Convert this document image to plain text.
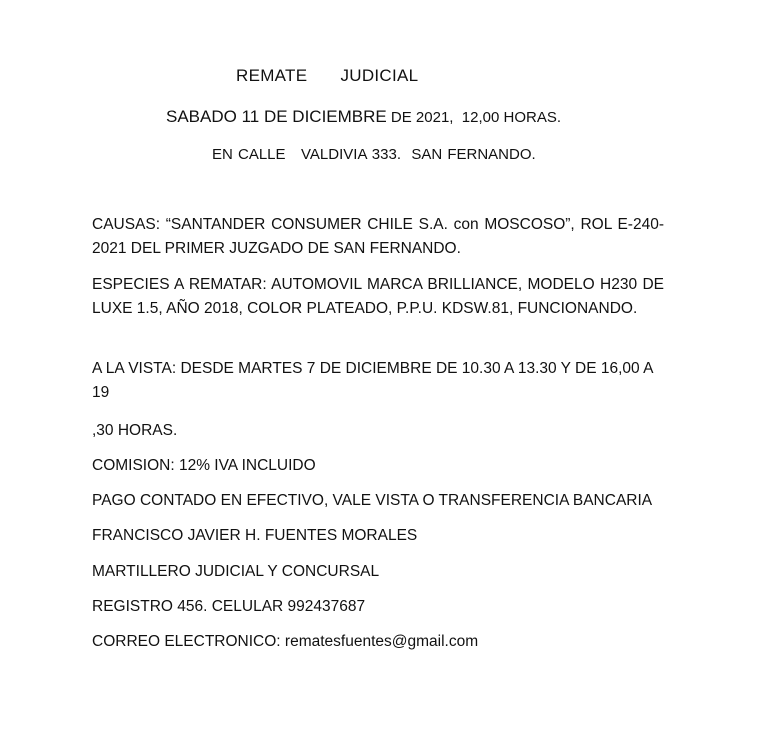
REMATE   JUDICIAL
SABADO 11 DE DICIEMBRE DE 2021,  12,00 HORAS.
EN CALLE   VALDIVIA 333.  SAN FERNANDO.

CAUSAS: “SANTANDER CONSUMER CHILE S.A. con MOSCOSO”, ROL E-240-2021 DEL PRIMER JUZGADO DE SAN FERNANDO.

ESPECIES A REMATAR: AUTOMOVIL MARCA BRILLIANCE, MODELO H230 DE LUXE 1.5, AÑO 2018, COLOR PLATEADO, P.P.U. KDSW.81, FUNCIONANDO.

A LA VISTA: DESDE MARTES 7 DE DICIEMBRE DE 10.30 A 13.30 Y DE 16,00 A 19

,30 HORAS.

COMISION: 12% IVA INCLUIDO

PAGO CONTADO EN EFECTIVO, VALE VISTA O TRANSFERENCIA BANCARIA

FRANCISCO JAVIER H. FUENTES MORALES

MARTILLERO JUDICIAL Y CONCURSAL

REGISTRO 456. CELULAR 992437687

CORREO ELECTRONICO: rematesfuentes@gmail.com
